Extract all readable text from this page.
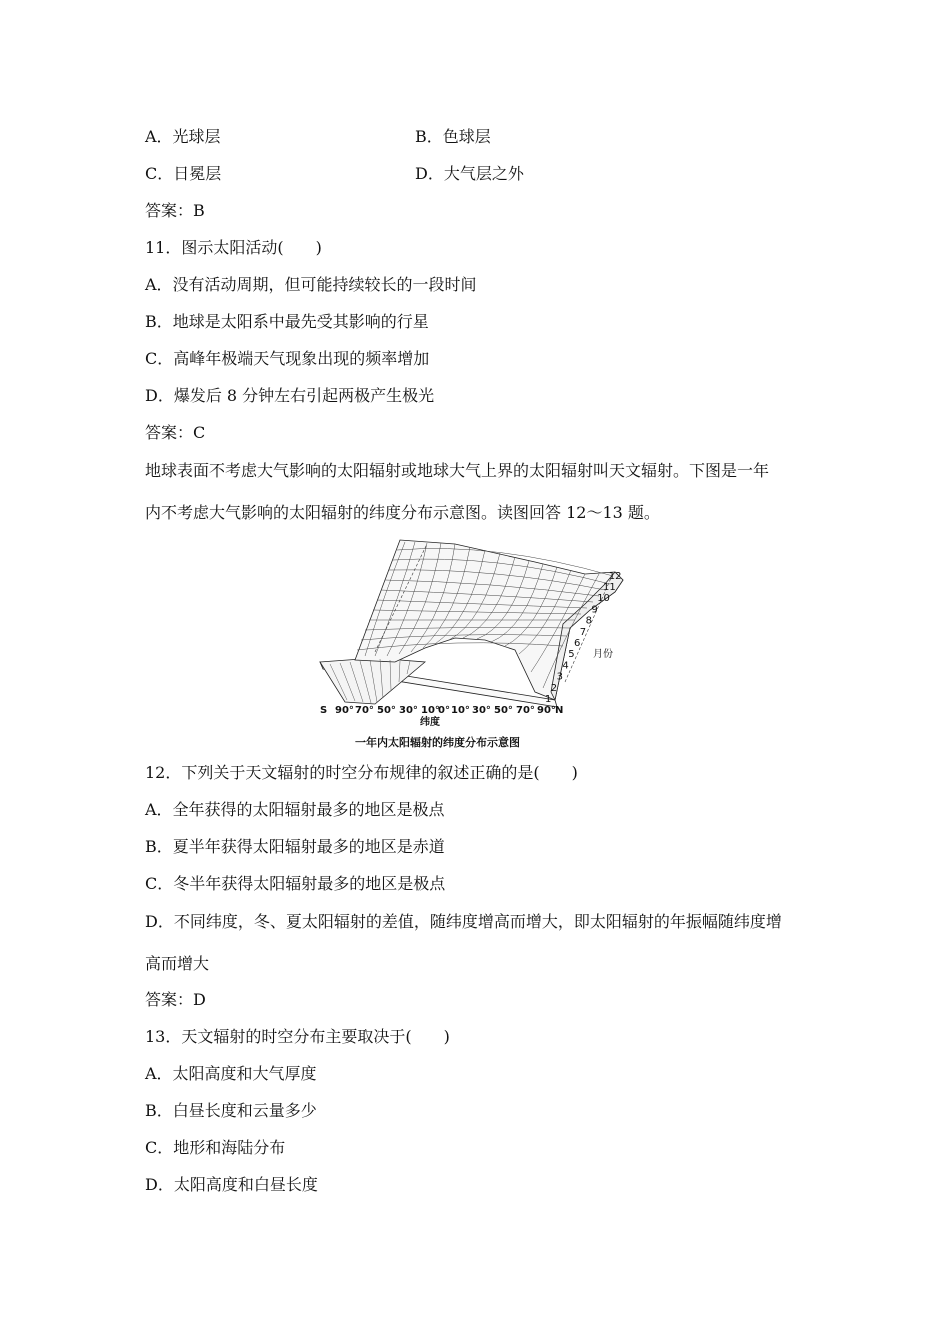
A．光球层	B．色球层
C．日冕层	D．大气层之外
答案：B
11．图示太阳活动(　　)
A．没有活动周期，但可能持续较长的一段时间
B．地球是太阳系中最先受其影响的行星
C．高峰年极端天气现象出现的频率增加
D．爆发后 8 分钟左右引起两极产生极光
答案：C
地球表面不考虑大气影响的太阳辐射或地球大气上界的太阳辐射叫天文辐射。下图是一年
内不考虑大气影响的太阳辐射的纬度分布示意图。读图回答 12～13 题。
1
2
3
4
5
6
7
8
9
10
11
12
月份
S 90° 70° 50° 30° 10°
0° 10° 30° 50° 70° 90° N
纬度
一年内太阳辐射的纬度分布示意图
12．下列关于天文辐射的时空分布规律的叙述正确的是(　　)
A．全年获得的太阳辐射最多的地区是极点
B．夏半年获得太阳辐射最多的地区是赤道
C．冬半年获得太阳辐射最多的地区是极点
D．不同纬度，冬、夏太阳辐射的差值，随纬度增高而增大，即太阳辐射的年振幅随纬度增
高而增大
答案：D
13．天文辐射的时空分布主要取决于(　　)
A．太阳高度和大气厚度
B．白昼长度和云量多少
C．地形和海陆分布
D．太阳高度和白昼长度
